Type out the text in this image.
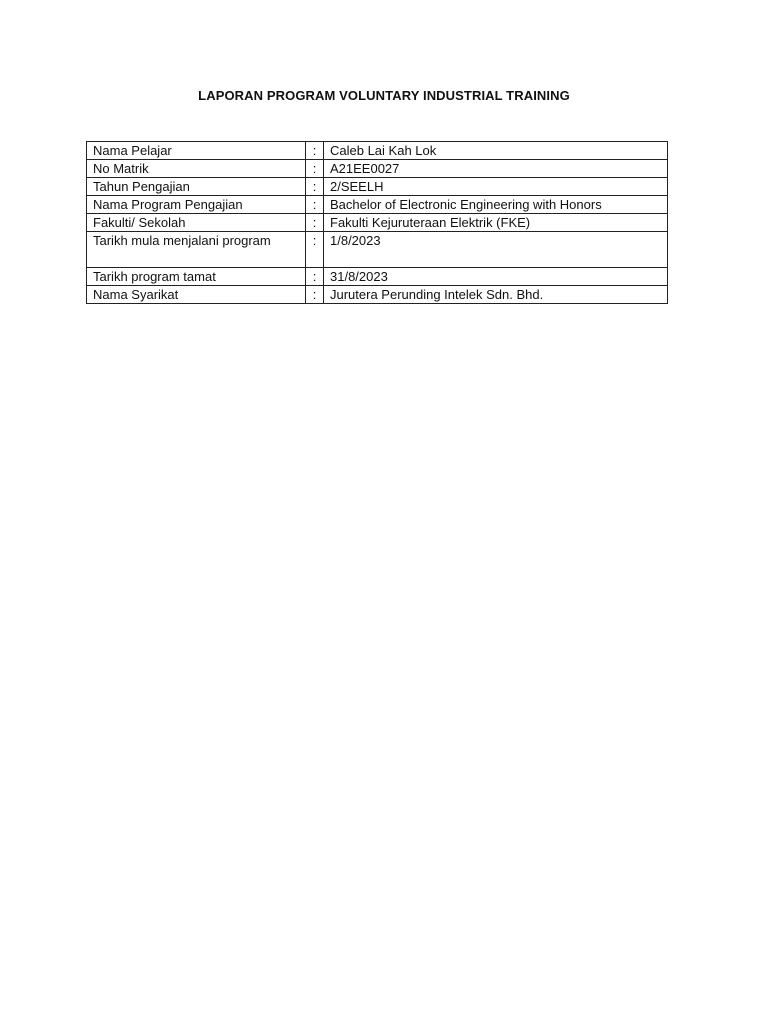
LAPORAN PROGRAM VOLUNTARY INDUSTRIAL TRAINING
Nama Pelajar	:	Caleb Lai Kah Lok
No Matrik	:	A21EE0027
Tahun Pengajian	:	2/SEELH
Nama Program Pengajian	:	Bachelor of Electronic Engineering with Honors
Fakulti/ Sekolah	:	Fakulti Kejuruteraan Elektrik (FKE)
Tarikh mula menjalani program	:	1/8/2023
Tarikh program tamat	:	31/8/2023
Nama Syarikat	:	Jurutera Perunding Intelek Sdn. Bhd.
